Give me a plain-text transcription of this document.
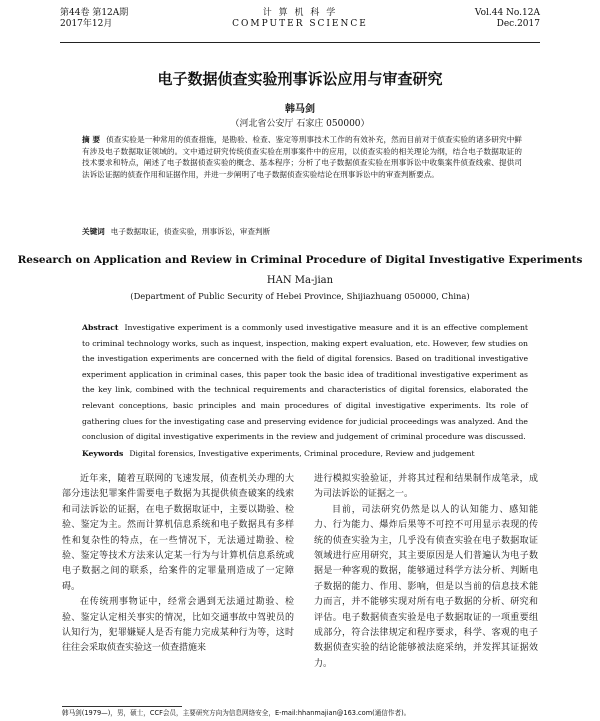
第44卷 第12A期
2017年12月
计 算 机 科 学
COMPUTER SCIENCE
Vol.44 No.12A
Dec.2017
电子数据侦查实验刑事诉讼应用与审查研究
韩马剑
（河北省公安厅 石家庄 050000）
摘 要 侦查实验是一种常用的侦查措施，是勘验、检查、鉴定等刑事技术工作的有效补充，然而目前对于侦查实验的诸多研究中鲜有涉及电子数据取证领域的。文中通过研究传统侦查实验在刑事案件中的应用，以侦查实验的相关理论为纲，结合电子数据取证的技术要求和特点，阐述了电子数据侦查实验的概念、基本程序；分析了电子数据侦查实验在刑事诉讼中收集案件侦查线索、提供司法诉讼证据的侦查作用和证据作用，并进一步阐明了电子数据侦查实验结论在刑事诉讼中的审查判断要点。
关键词 电子数据取证，侦查实验，刑事诉讼，审查判断
Research on Application and Review in Criminal Procedure of Digital Investigative Experiments
HAN Ma-jian
(Department of Public Security of Hebei Province, Shijiazhuang 050000, China)
Abstract Investigative experiment is a commonly used investigative measure and it is an effective complement to criminal technology works, such as inquest, inspection, making expert evaluation, etc. However, few studies on the investigation experiments are concerned with the field of digital forensics. Based on traditional investigative experiment application in criminal cases, this paper took the basic idea of traditional investigative experiment as the key link, combined with the technical requirements and characteristics of digital forensics, elaborated the relevant conceptions, basic principles and main procedures of digital investigative experiments. Its role of gathering clues for the investigating case and preserving evidence for judicial proceedings was analyzed. And the conclusion of digital investigative experiments in the review and judgement of criminal procedure was discussed.
Keywords Digital forensics, Investigative experiments, Criminal procedure, Review and judgement

近年来，随着互联网的飞速发展，侦查机关办理的大部分违法犯罪案件需要电子数据为其提供侦查破案的线索和司法诉讼的证据，在电子数据取证中，主要以勘验、检验、鉴定为主。然而计算机信息系统和电子数据具有多样性和复杂性的特点，在一些情况下，无法通过勘验、检验、鉴定等技术方法来认定某一行为与计算机信息系统或电子数据之间的联系，给案件的定罪量刑造成了一定障碍。

在传统刑事物证中，经常会遇到无法通过勘验、检验、鉴定认定相关事实的情况，比如交通事故中驾驶员的认知行为，犯罪嫌疑人是否有能力完成某种行为等，这时往往会采取侦查实验这一侦查措施来

进行模拟实验验证，并将其过程和结果制作成笔录，成为司法诉讼的证据之一。

目前，司法研究仍然是以人的认知能力、感知能力、行为能力、爆炸后果等不可控不可用显示表现的传统的侦查实验为主，几乎没有侦查实验在电子数据取证领域进行应用研究，其主要原因是人们普遍认为电子数据是一种客观的数据，能够通过科学方法分析、判断电子数据的能力、作用、影响，但是以当前的信息技术能力而言，并不能够实现对所有电子数据的分析、研究和评估。电子数据侦查实验是电子数据取证的一项重要组成部分，符合法律规定和程序要求，科学、客观的电子数据侦查实验的结论能够被法庭采纳，并发挥其证据效力。

韩马剑(1979—)，男，硕士，CCF会员，主要研究方向为信息网络安全，E-mail:hhanmajian@163.com(通信作者)。
